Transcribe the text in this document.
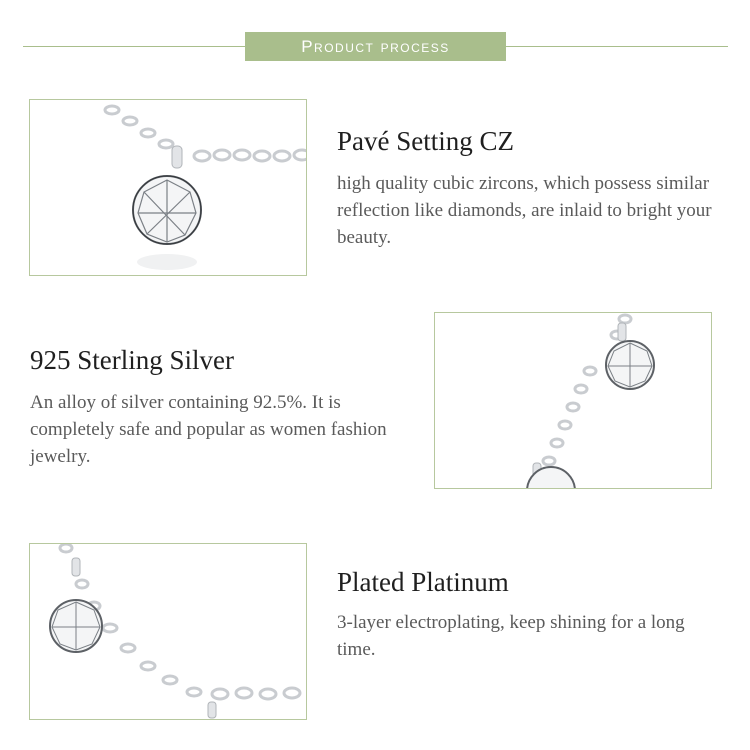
Product process
Pavé Setting CZ
high quality cubic zircons, which possess similar reflection like diamonds, are inlaid to bright your beauty.
925 Sterling Silver
An alloy of silver containing 92.5%. It is completely safe and popular as women fashion jewelry.
Plated Platinum
3-layer electroplating, keep shining for a long time.
